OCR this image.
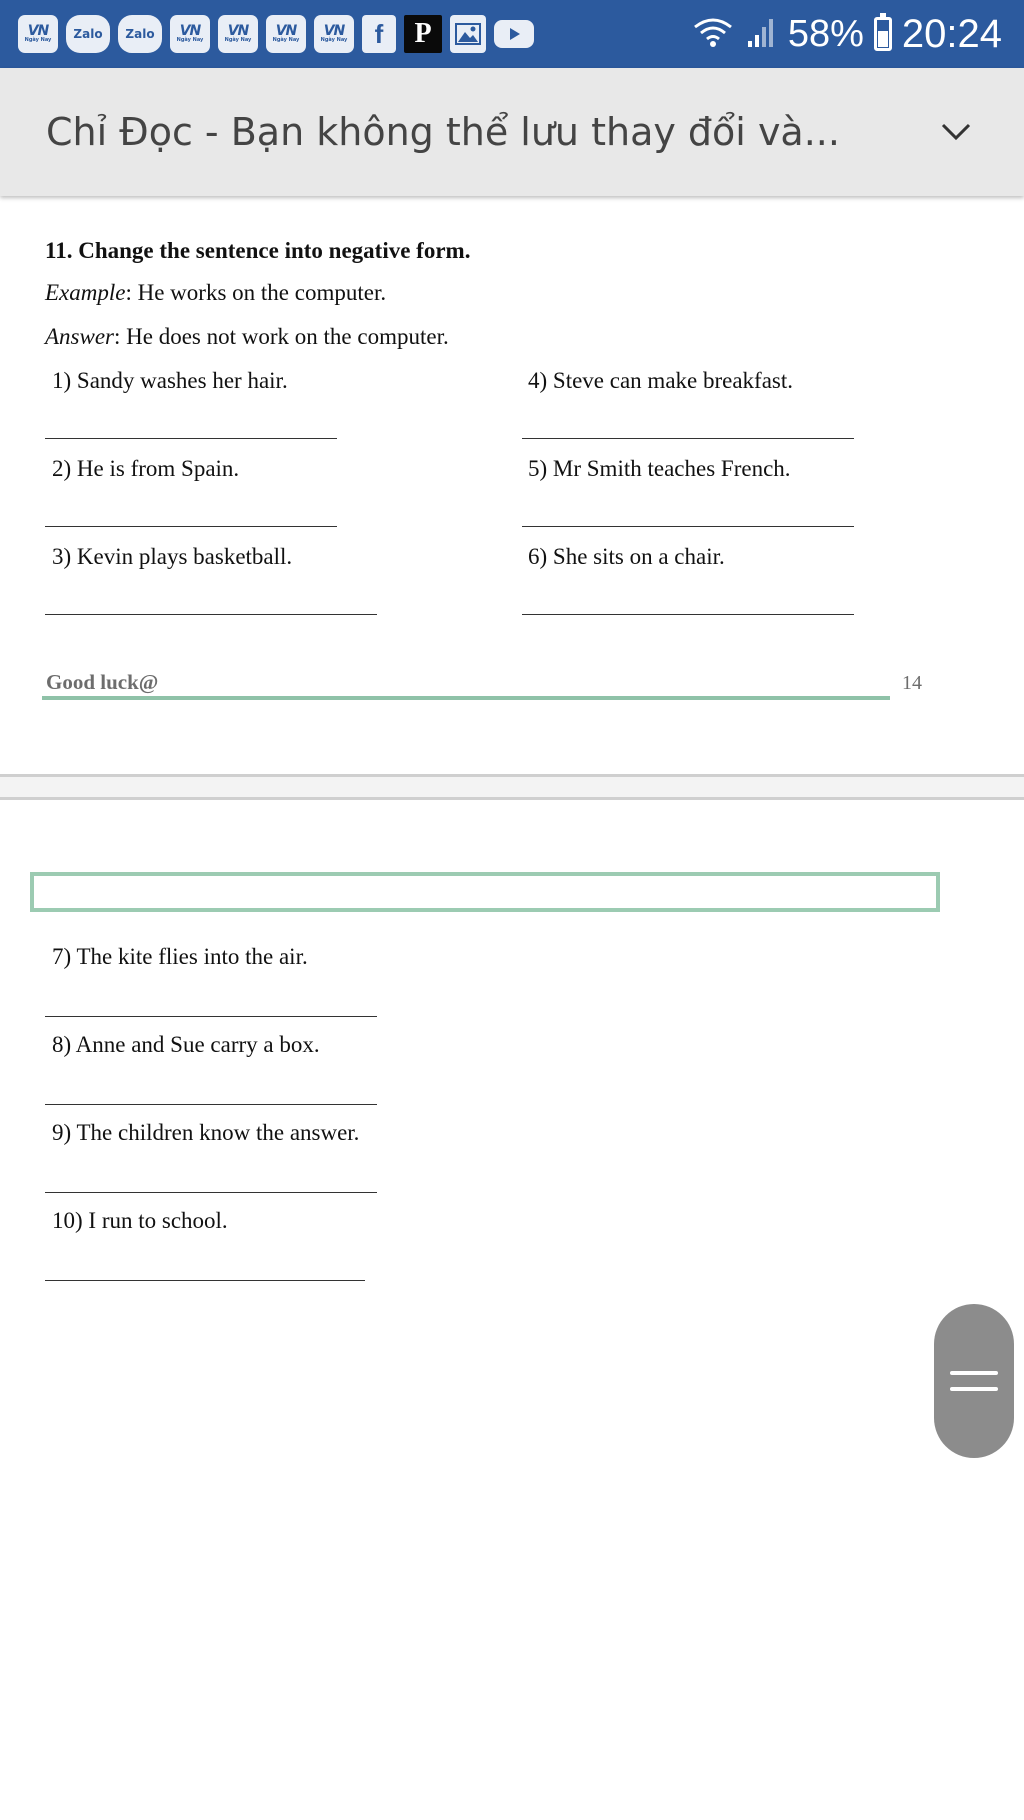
VN
Ngày Nay	Zalo	Zalo	VN
Ngày Nay
VN
Ngày Nay
VN
Ngày Nay
VN
Ngày Nay	f	P	58% 20:24
Chỉ Đọc - Bạn không thể lưu thay đổi và...
11. Change the sentence into negative form.
Example: He works on the computer.
Answer: He does not work on the computer.
1) Sandy washes her hair.	4) Steve can make breakfast.
2) He is from Spain.	5) Mr Smith teaches French.
3) Kevin plays basketball.	6) She sits on a chair.
Good luck@	14
7) The kite flies into the air.
8) Anne and Sue carry a box.
9) The children know the answer.
10) I run to school.
